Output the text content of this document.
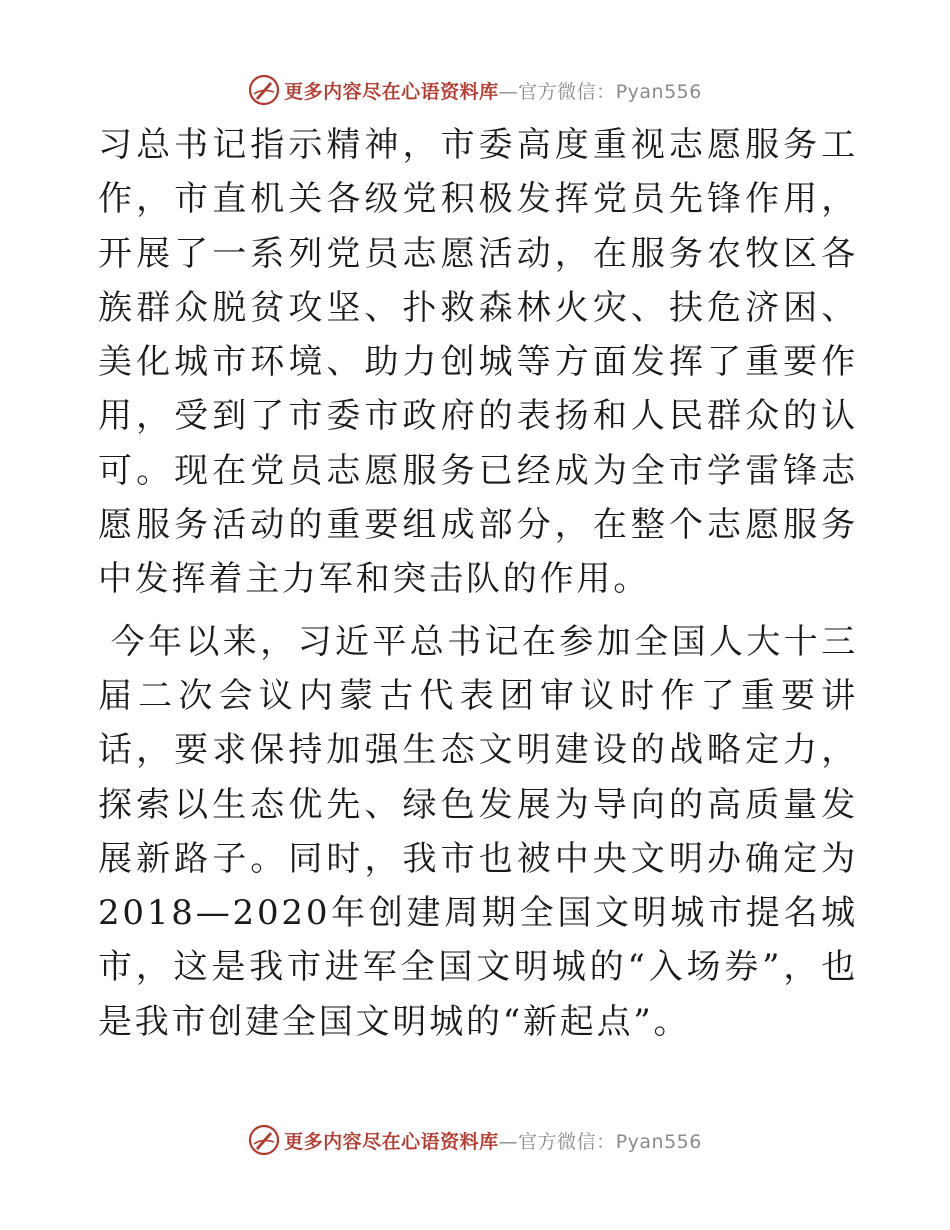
更多内容尽在心语资料库—官方微信：Pyan556

习总书记指示精神，市委高度重视志愿服务工作，市直机关各级党积极发挥党员先锋作用，开展了一系列党员志愿活动，在服务农牧区各族群众脱贫攻坚、扑救森林火灾、扶危济困、美化城市环境、助力创城等方面发挥了重要作用，受到了市委市政府的表扬和人民群众的认可。现在党员志愿服务已经成为全市学雷锋志愿服务活动的重要组成部分，在整个志愿服务中发挥着主力军和突击队的作用。

今年以来，习近平总书记在参加全国人大十三届二次会议内蒙古代表团审议时作了重要讲话，要求保持加强生态文明建设的战略定力，探索以生态优先、绿色发展为导向的高质量发展新路子。同时，我市也被中央文明办确定为2018—2020年创建周期全国文明城市提名城市，这是我市进军全国文明城的“入场券”，也是我市创建全国文明城的“新起点”。

更多内容尽在心语资料库—官方微信：Pyan556
